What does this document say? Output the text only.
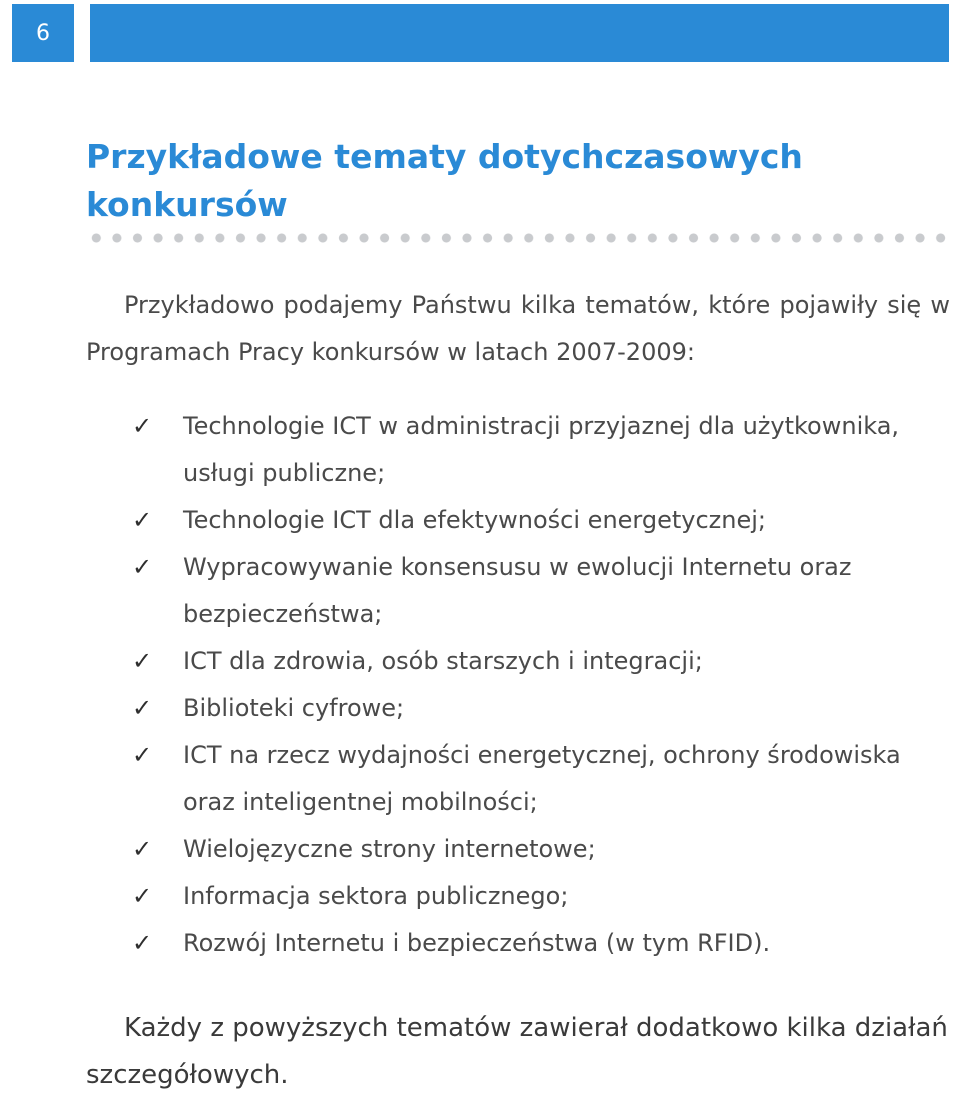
6
Przykładowe tematy dotychczasowych konkursów

Przykładowo podajemy Państwu kilka tematów, które pojawiły się w Programach Pracy konkursów w latach 2007-2009:

✓ Technologie ICT w administracji przyjaznej dla użytkownika, usługi publiczne;
✓ Technologie ICT dla efektywności energetycznej;
✓ Wypracowywanie konsensusu w ewolucji Internetu oraz bezpieczeństwa;
✓ ICT dla zdrowia, osób starszych i integracji;
✓ Biblioteki cyfrowe;
✓ ICT na rzecz wydajności energetycznej, ochrony środowiska oraz inteligentnej mobilności;
✓ Wielojęzyczne strony internetowe;
✓ Informacja sektora publicznego;
✓ Rozwój Internetu i bezpieczeństwa (w tym RFID).

Każdy z powyższych tematów zawierał dodatkowo kilka działań szczegółowych.
